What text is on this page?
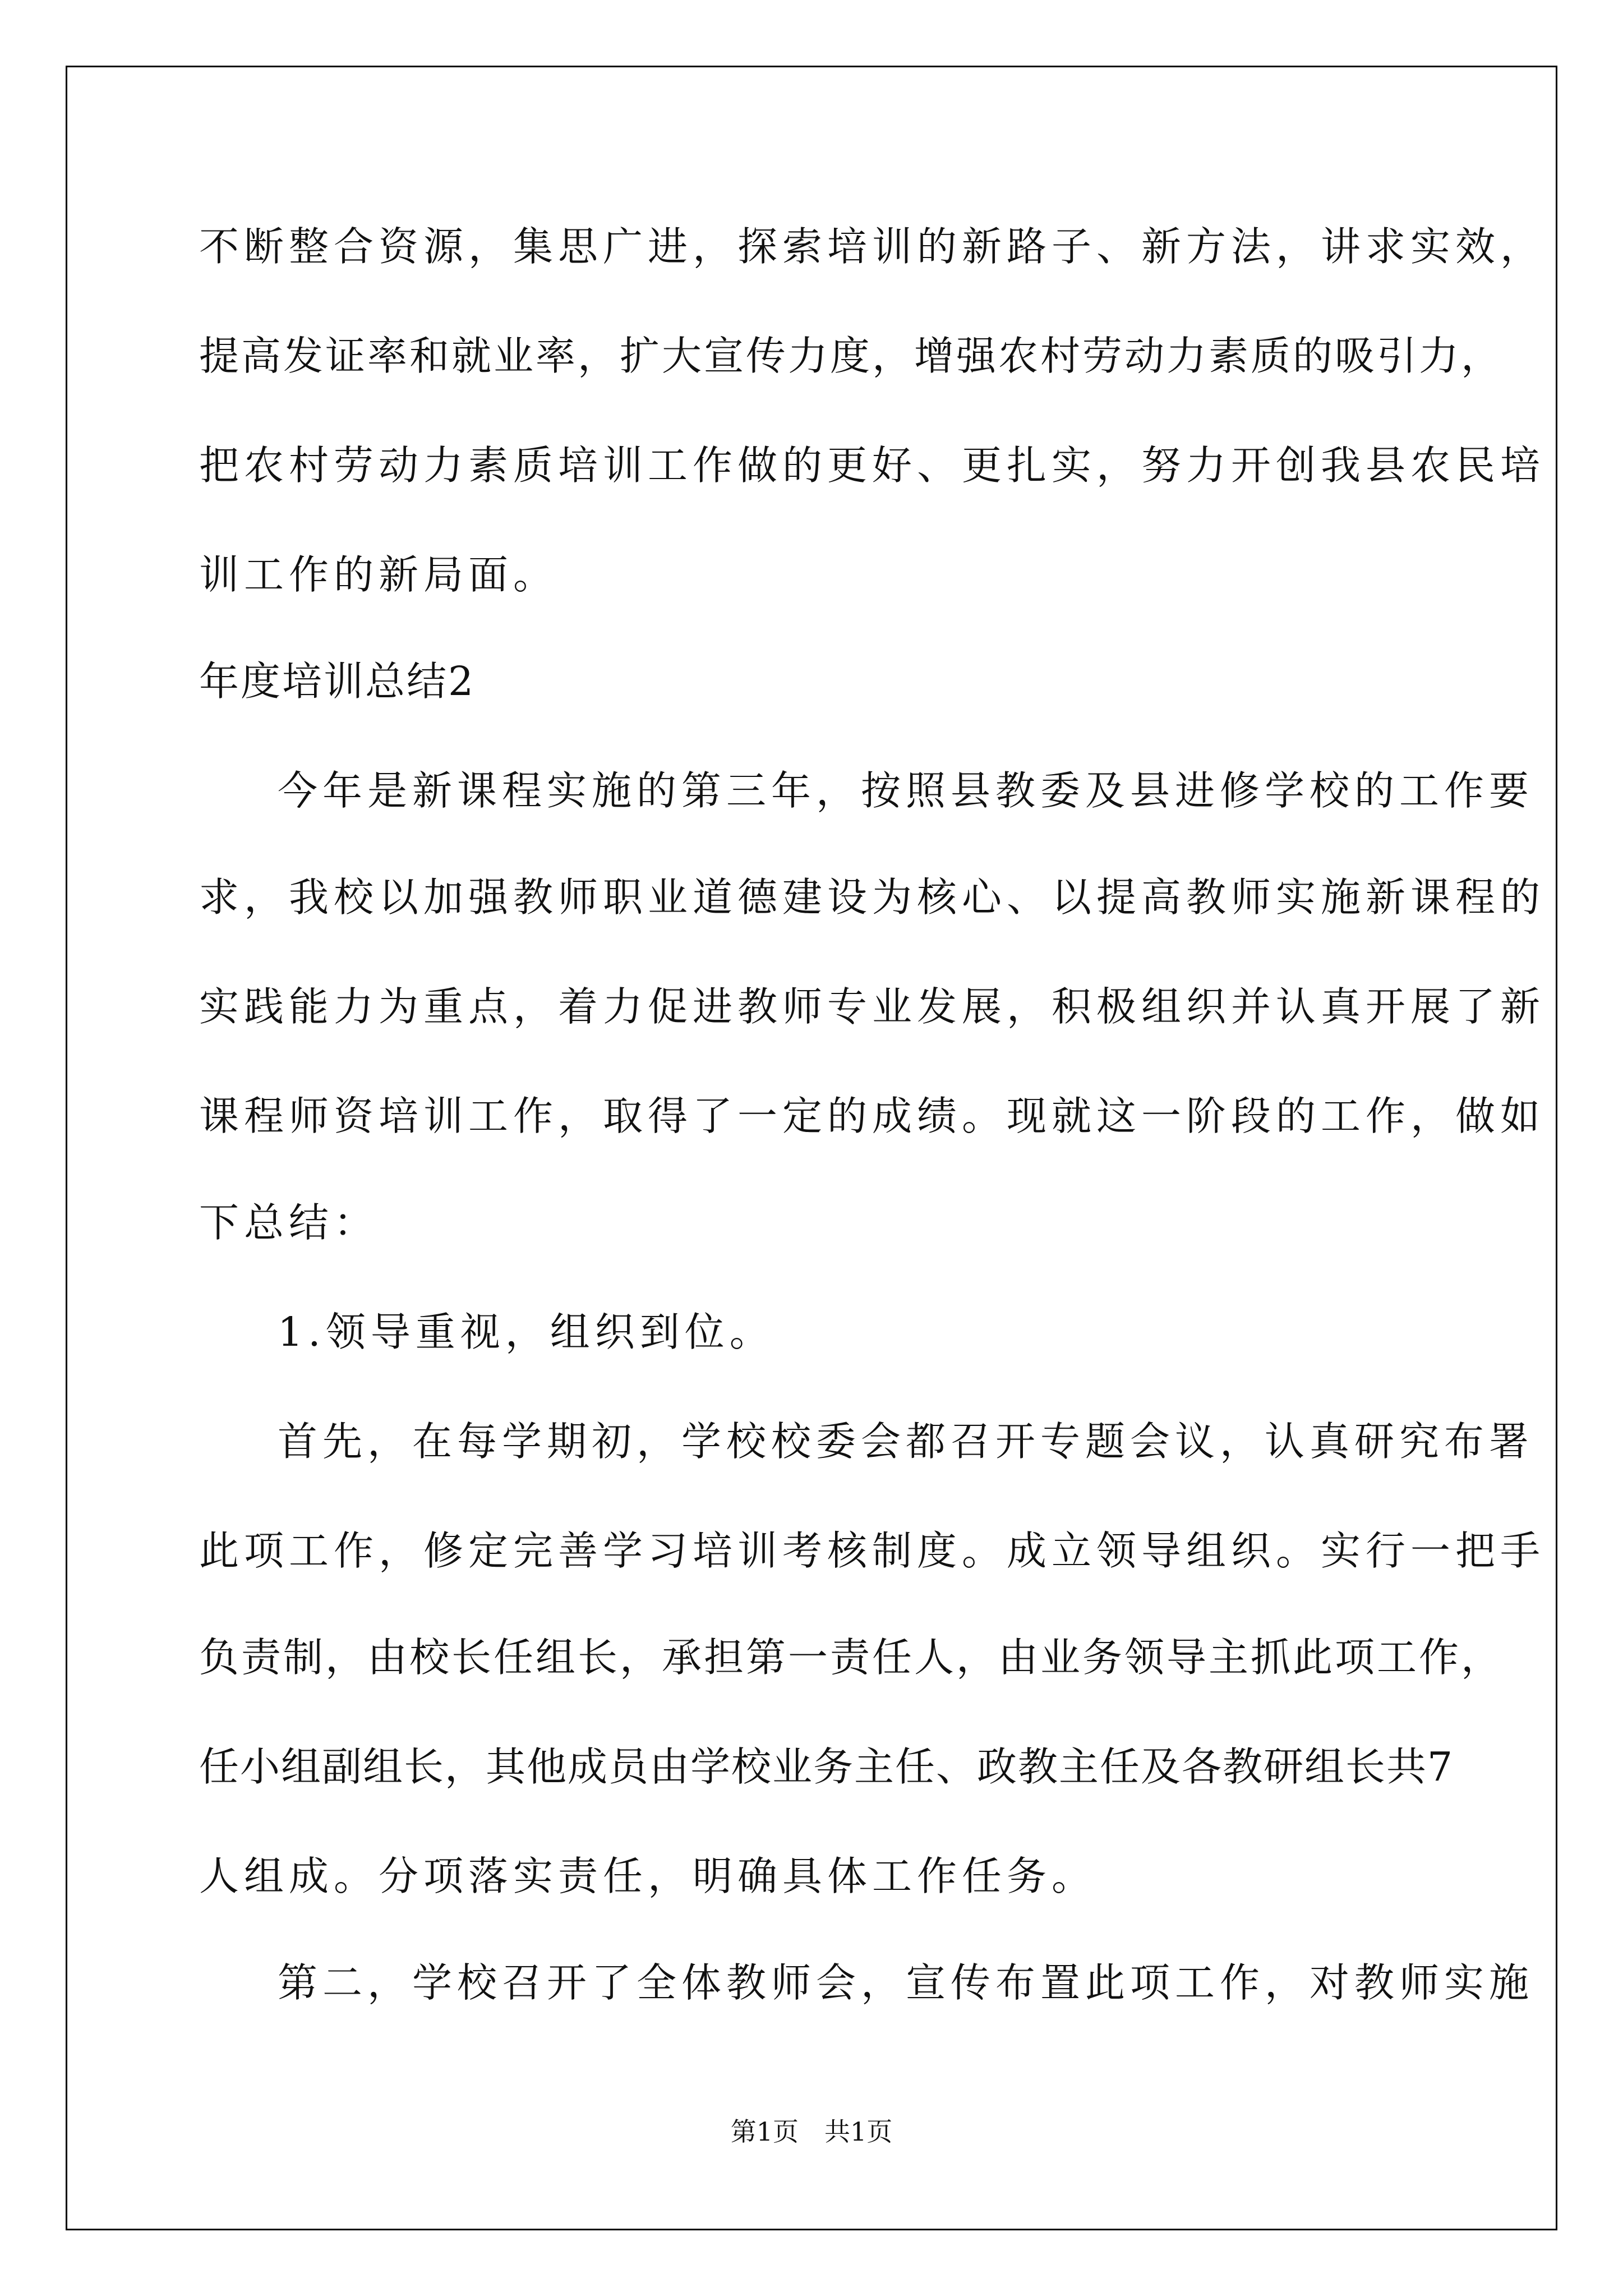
不断整合资源，集思广进，探索培训的新路子、新方法，讲求实效，
提高发证率和就业率，扩大宣传力度，增强农村劳动力素质的吸引力，
把农村劳动力素质培训工作做的更好、更扎实，努力开创我县农民培
训工作的新局面。
年度培训总结2
今年是新课程实施的第三年，按照县教委及县进修学校的工作要
求，我校以加强教师职业道德建设为核心、以提高教师实施新课程的
实践能力为重点，着力促进教师专业发展，积极组织并认真开展了新
课程师资培训工作，取得了一定的成绩。现就这一阶段的工作，做如
下总结：
1.领导重视，组织到位。
首先，在每学期初，学校校委会都召开专题会议，认真研究布署
此项工作，修定完善学习培训考核制度。成立领导组织。实行一把手
负责制，由校长任组长，承担第一责任人，由业务领导主抓此项工作，
任小组副组长，其他成员由学校业务主任、政教主任及各教研组长共7
人组成。分项落实责任，明确具体工作任务。
第二，学校召开了全体教师会，宣传布置此项工作，对教师实施
第1页　共1页
